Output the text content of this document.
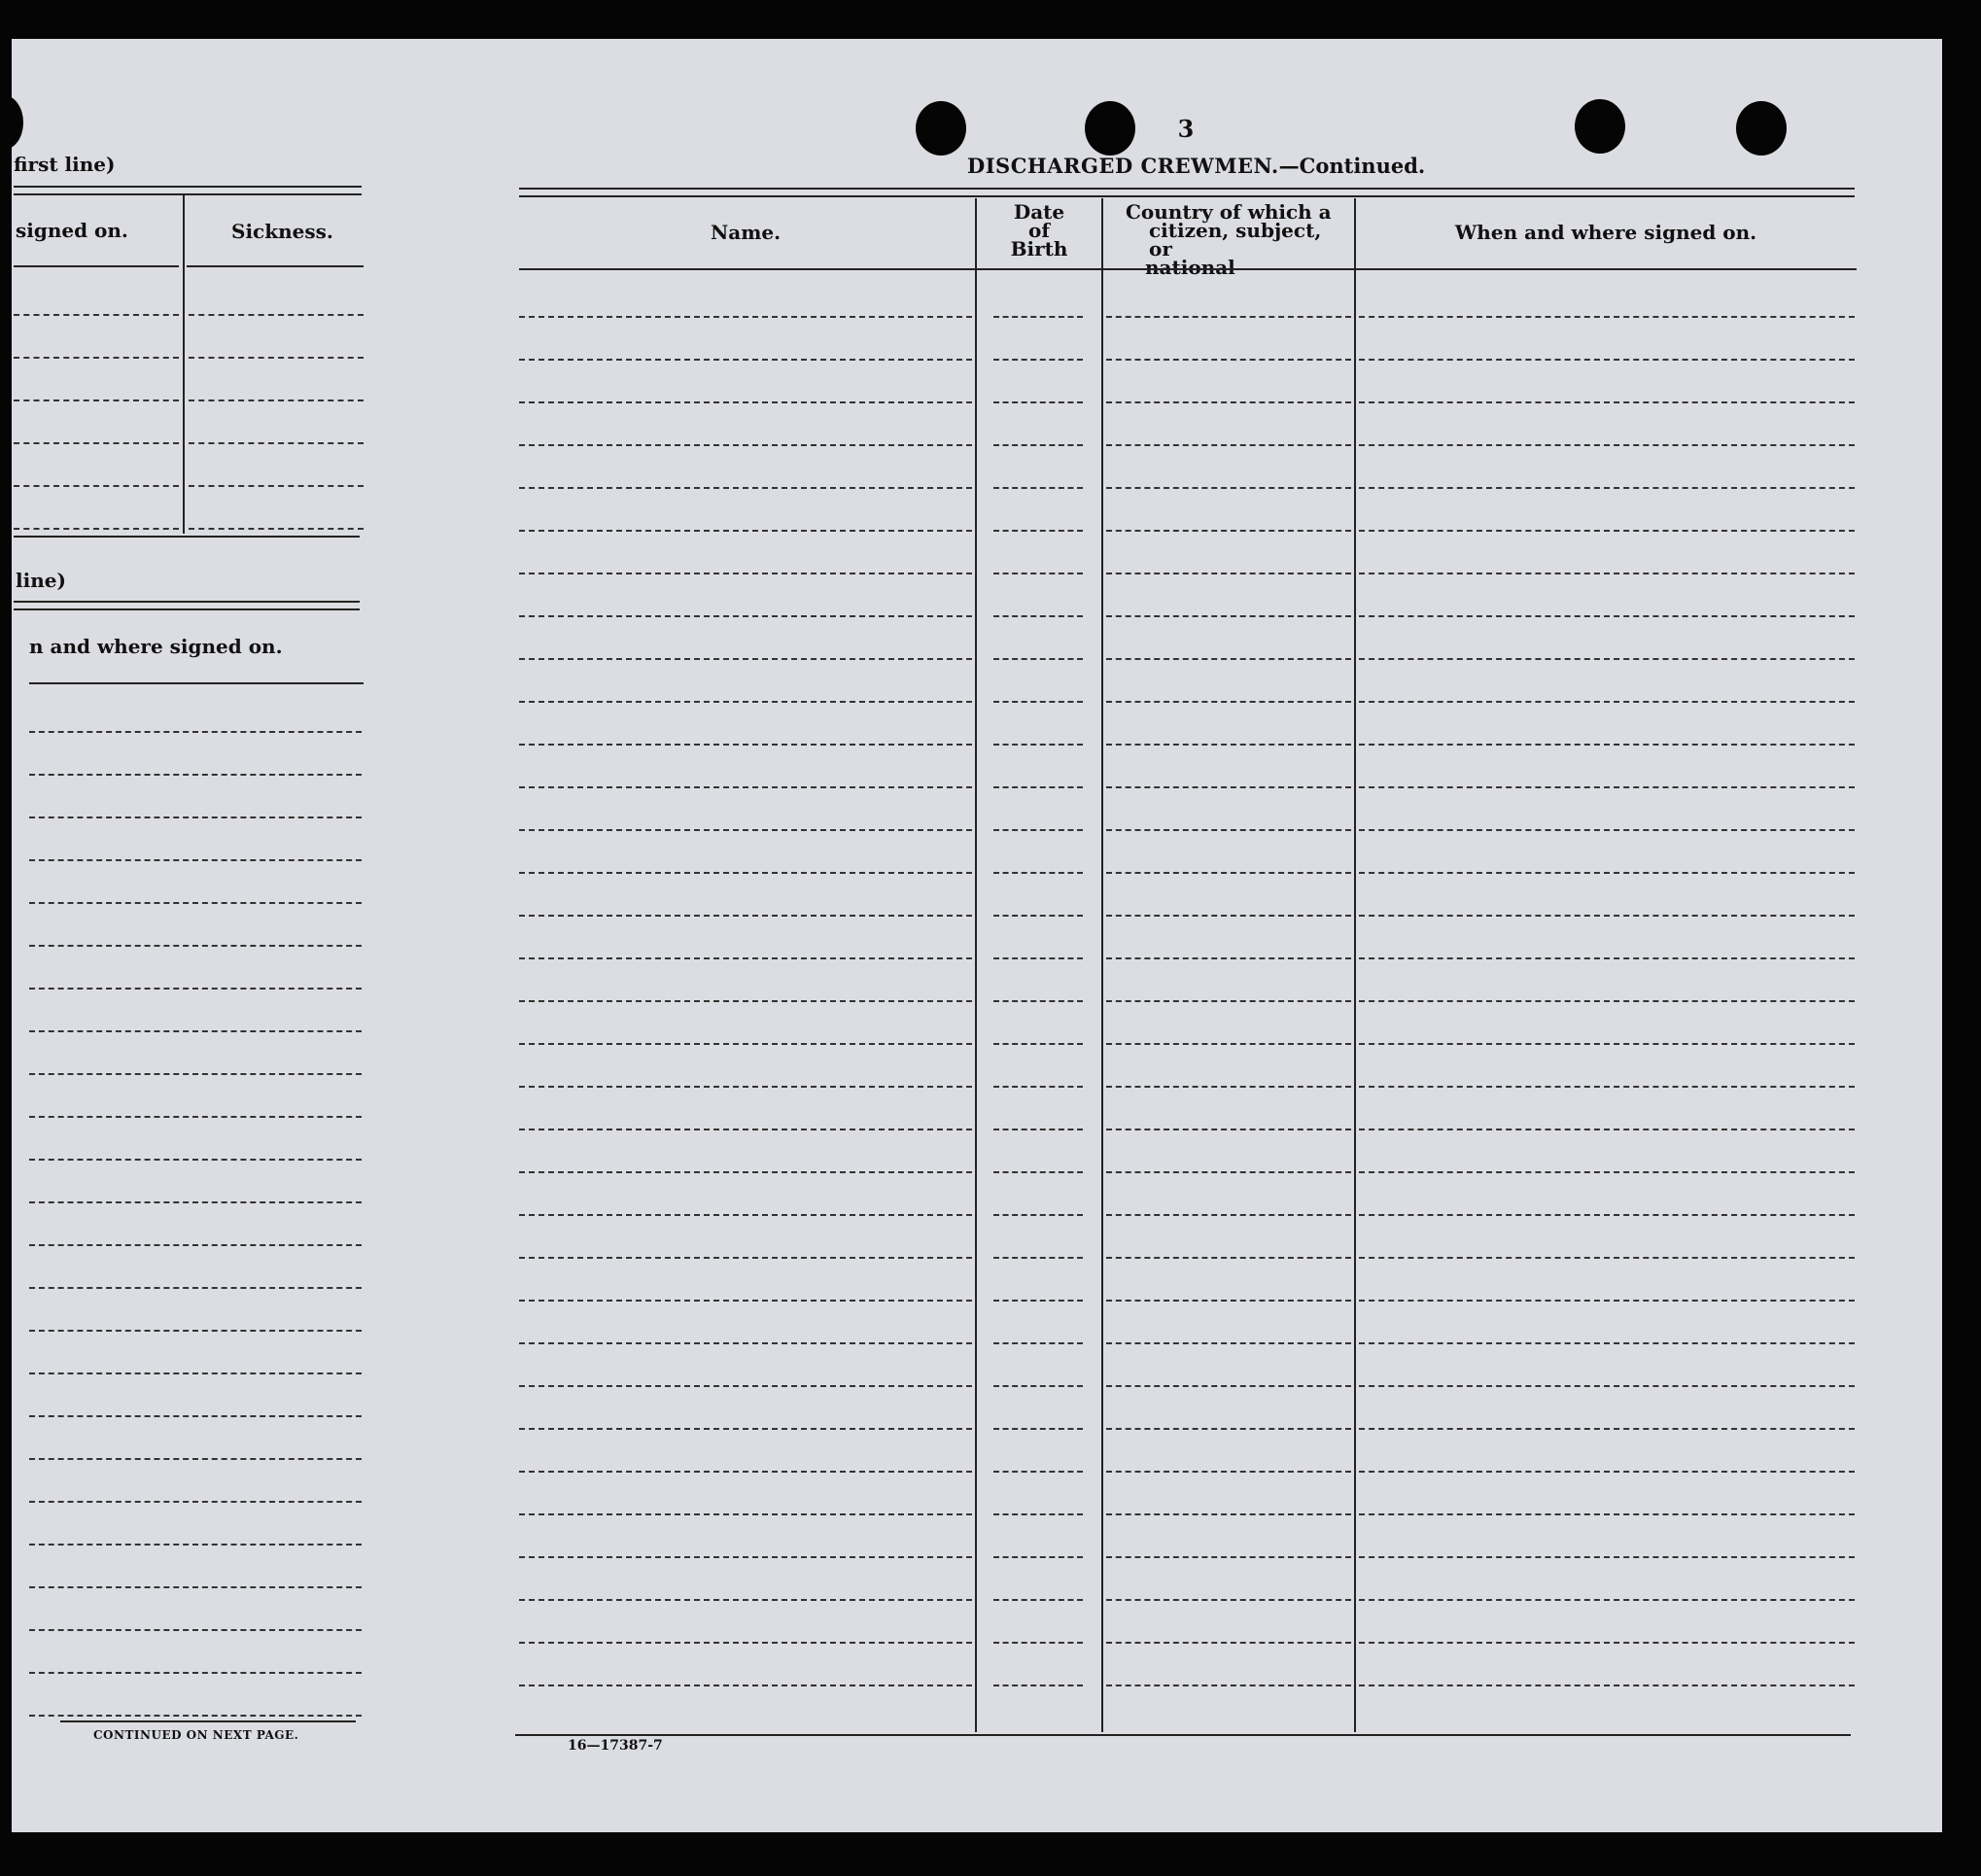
first line)
signed on.	Sickness.
line)
n and where signed on.
CONTINUED ON NEXT PAGE.
3
DISCHARGED CREWMEN.—Continued.
Name.
Date
of
Birth
Country of which a
citizen, subject, or
national
When and where signed on.
16—17387-7
